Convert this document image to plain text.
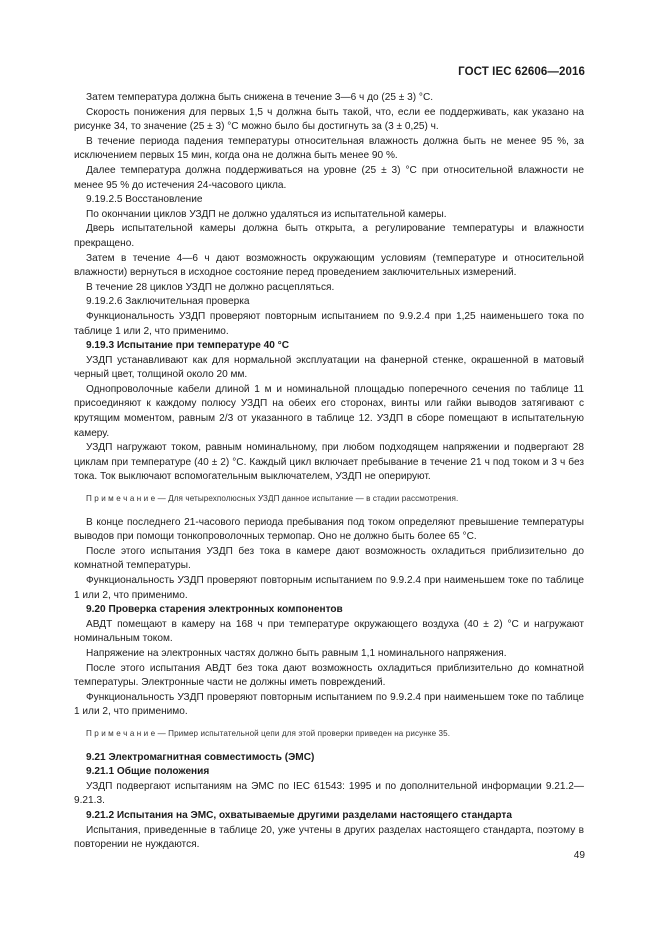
ГОСТ IEC 62606—2016

Затем температура должна быть снижена в течение 3—6 ч до (25 ± 3) °C.

Скорость понижения для первых 1,5 ч должна быть такой, что, если ее поддерживать, как указано на рисунке 34, то значение (25 ± 3) °C можно было бы достигнуть за (3 ± 0,25) ч.

В течение периода падения температуры относительная влажность должна быть не менее 95 %, за исключением первых 15 мин, когда она не должна быть менее 90 %.

Далее температура должна поддерживаться на уровне (25 ± 3) °C при относительной влажности не менее 95 % до истечения 24-часового цикла.

9.19.2.5 Восстановление

По окончании циклов УЗДП не должно удаляться из испытательной камеры.

Дверь испытательной камеры должна быть открыта, а регулирование температуры и влажности прекращено.

Затем в течение 4—6 ч дают возможность окружающим условиям (температуре и относительной влажности) вернуться в исходное состояние перед проведением заключительных измерений.

В течение 28 циклов УЗДП не должно расцепляться.

9.19.2.6 Заключительная проверка

Функциональность УЗДП проверяют повторным испытанием по 9.9.2.4 при 1,25 наименьшего тока по таблице 1 или 2, что применимо.

9.19.3 Испытание при температуре 40 °C

УЗДП устанавливают как для нормальной эксплуатации на фанерной стенке, окрашенной в матовый черный цвет, толщиной около 20 мм.

Однопроволочные кабели длиной 1 м и номинальной площадью поперечного сечения по таблице 11 присоединяют к каждому полюсу УЗДП на обеих его сторонах, винты или гайки выводов затягивают с крутящим моментом, равным 2/3 от указанного в таблице 12. УЗДП в сборе помещают в испытательную камеру.

УЗДП нагружают током, равным номинальному, при любом подходящем напряжении и подвергают 28 циклам при температуре (40 ± 2) °C. Каждый цикл включает пребывание в течение 21 ч под током и 3 ч без тока. Ток выключают вспомогательным выключателем, УЗДП не оперируют.

П р и м е ч а н и е — Для четырехполюсных УЗДП данное испытание — в стадии рассмотрения.

В конце последнего 21-часового периода пребывания под током определяют превышение температуры выводов при помощи тонкопроволочных термопар. Оно не должно быть более 65 °C.

После этого испытания УЗДП без тока в камере дают возможность охладиться приблизительно до комнатной температуры.

Функциональность УЗДП проверяют повторным испытанием по 9.9.2.4 при наименьшем токе по таблице 1 или 2, что применимо.

9.20 Проверка старения электронных компонентов

АВДТ помещают в камеру на 168 ч при температуре окружающего воздуха (40 ± 2) °C и нагружают номинальным током.

Напряжение на электронных частях должно быть равным 1,1 номинального напряжения.

После этого испытания АВДТ без тока дают возможность охладиться приблизительно до комнатной температуры. Электронные части не должны иметь повреждений.

Функциональность УЗДП проверяют повторным испытанием по 9.9.2.4 при наименьшем токе по таблице 1 или 2, что применимо.

П р и м е ч а н и е — Пример испытательной цепи для этой проверки приведен на рисунке 35.

9.21 Электромагнитная совместимость (ЭМС)

9.21.1 Общие положения

УЗДП подвергают испытаниям на ЭМС по IEC 61543: 1995 и по дополнительной информации 9.21.2—9.21.3.

9.21.2 Испытания на ЭМС, охватываемые другими разделами настоящего стандарта

Испытания, приведенные в таблице 20, уже учтены в других разделах настоящего стандарта, поэтому в повторении не нуждаются.

49
